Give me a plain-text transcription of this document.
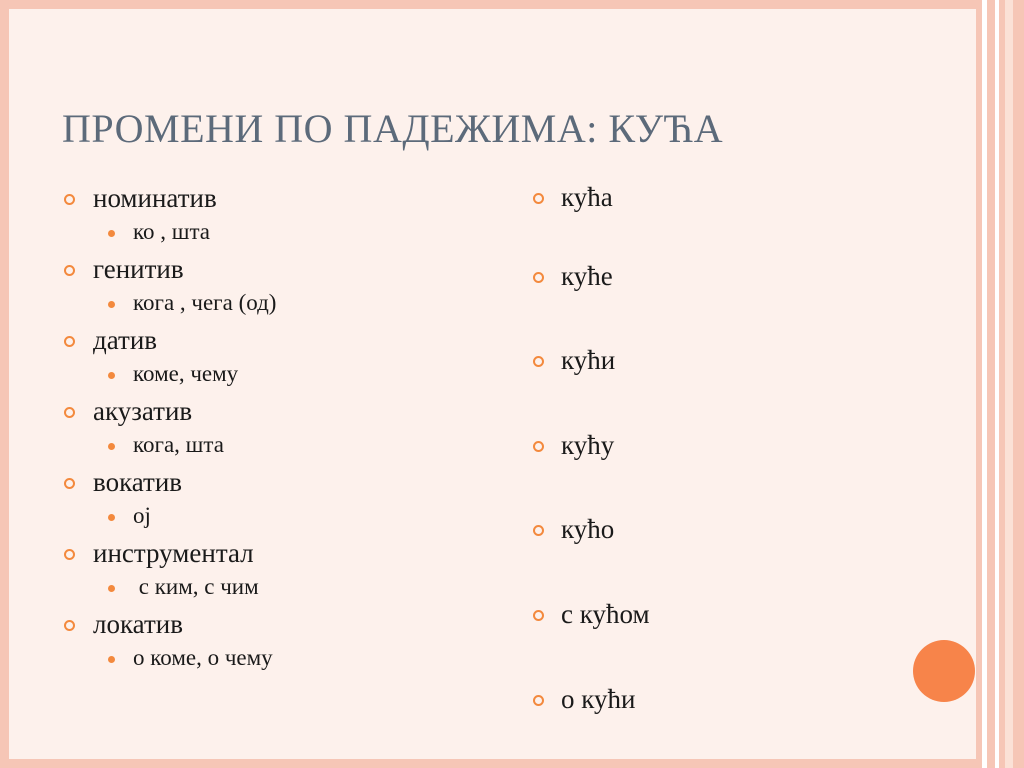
ПРОМЕНИ ПО ПАДЕЖИМА: КУЋА
номинатив
ко , шта
генитив
кога , чега (од)
датив
коме, чему
акузатив
кога, шта
вокатив
ој
инструментал
с ким, с чим
локатив
о коме, о чему
кућа
куће
кући
кућу
кућо
с кућом
о кући
